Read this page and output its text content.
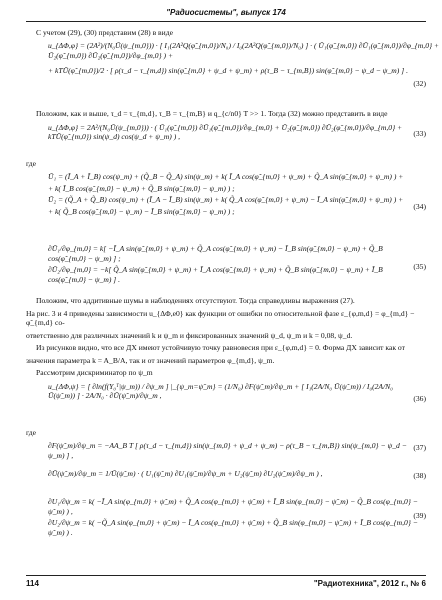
"Радиосистемы", выпуск 174
С учетом (29), (30) представим (28) в виде
u_{ΔΦ,φ} = (2A²)/(N₀Ū(ψ_{m,0})) · [ I₁(2A²Q(φ̃_{m,0})/N₀) / I₀(2A²Q(φ̃_{m,0})/N₀) ] · ( Ū₁(φ̃_{m,0}) ∂Ū₁(φ̃_{m,0})/∂φ_{m,0} + Ū₂(φ̃_{m,0}) ∂Ū₂(φ̃_{m,0})/∂φ_{m,0} ) +
+ kTŪ(φ̃_{m,0})/2 · [ ρ(τ_d − τ_{m,d}) sin(φ̃_{m,0} + ψ_d + ψ_m) + ρ(τ_B − τ_{m,B}) sin(φ̃_{m,0} − ψ_d − ψ_m) ] .
(32)
Положим, как и выше, τ_d = τ_{m,d}, τ_B = τ_{m,B} и q_{c/n0} T >> 1. Тогда (32) можно представить в виде
u_{ΔΦ,φ} = 2A²/(N₀Ū(ψ_{m,0})) · ( Ū₁(φ̃_{m,0}) ∂Ū₁(φ̃_{m,0})/∂φ_{m,0} + Ū₂(φ̃_{m,0}) ∂Ū₂(φ̃_{m,0})/∂φ_{m,0} + kTŪ(φ̃_{m,0}) sin(ψ_d) cos(ψ_d + ψ_m) ) ,	(33)
где
Ū₁ = (Ĩ_A + Ĩ_B) cos(ψ_m) + (Q̃_B − Q̃_A) sin(ψ_m) + k( Ĩ_A cos(φ̃_{m,0} + ψ_m) + Q̃_A sin(φ̃_{m,0} + ψ_m) ) +
+ k( Ĩ_B cos(φ̃_{m,0} − ψ_m) + Q̃_B sin(φ̃_{m,0} − ψ_m) ) ;
Ū₂ = (Q̃_A + Q̃_B) cos(ψ_m) + (Ĩ_A − Ĩ_B) sin(ψ_m) + k( Q̃_A cos(φ̃_{m,0} + ψ_m) − Ĩ_A sin(φ̃_{m,0} + ψ_m) ) +
+ k( Q̃_B cos(φ̃_{m,0} − ψ_m) − Ĩ_B sin(φ̃_{m,0} − ψ_m) ) ;	(34)
∂Ū₁/∂φ_{m,0} = k[ −Ĩ_A sin(φ̃_{m,0} + ψ_m) + Q̃_A cos(φ̃_{m,0} + ψ_m) − Ĩ_B sin(φ̃_{m,0} − ψ_m) + Q̃_B cos(φ̃_{m,0} − ψ_m) ] ;
∂Ū₂/∂φ_{m,0} = −k[ Q̃_A sin(φ̃_{m,0} + ψ_m) + Ĩ_A cos(φ̃_{m,0} + ψ_m) + Q̃_B sin(φ̃_{m,0} − ψ_m) + Ĩ_B cos(φ̃_{m,0} − ψ_m) ] .
(35)
Положим, что аддитивные шумы в наблюдениях отсутствуют. Тогда справедливы выражения (27).
На рис. 3 и 4 приведены зависимости u_{ΔΦ,e0} как функции от ошибки по относительной фазе ε_{φ,m,d} = φ_{m,d} − φ̃_{m,d} со-
ответственно для различных значений k и ψ_m и фиксированных значений ψ_d, ψ_m и k = 0,08, ψ_d.
Из рисунков видно, что все ДХ имеют устойчивую точку равновесия при ε_{φ,m,d} = 0. Форма ДХ зависит как от
значения параметра k = A_B/A, так и от значений параметров φ_{m,d}, ψ_m.
Рассмотрим дискриминатор по ψ_m
u_{ΔΦ,ψ} = [ ∂ln(f(Y₀ᵀ|ψ_m)) / ∂ψ_m ] |_{ψ_m=ψ̃_m} = (1/N₀) ∂F(ψ̃_m)/∂ψ_m + [ I₁(2A/N₀ Ū(ψ̃_m)) / I₀(2A/N₀ Ū(ψ̃_m)) ] · 2A/N₀ · ∂Ū(ψ̃_m)/∂ψ_m ,	(36)
где
∂F(ψ̃_m)/∂ψ_m = −AA_B T [ ρ(τ_d − τ_{m,d}) sin(ψ_{m,0} + ψ_d + ψ_m) − ρ(τ_B − τ_{m,B}) sin(ψ_{m,0} − ψ_d − ψ_m) ] ,
(37)
∂Ū(ψ̃_m)/∂ψ_m = 1/Ū(ψ̃_m) · ( U₁(ψ̃_m) ∂U₁(ψ̃_m)/∂ψ_m + U₂(ψ̃_m) ∂U₂(ψ̃_m)/∂ψ_m ) ,	(38)
∂U₁/∂ψ_m = k( −Ĩ_A sin(φ_{m,0} + ψ̃_m) + Q̃_A cos(φ_{m,0} + ψ̃_m) + Ĩ_B sin(φ_{m,0} − ψ̃_m) − Q̃_B cos(φ_{m,0} − ψ̃_m) ) ,
∂U₂/∂ψ_m = k( −Q̃_A sin(φ_{m,0} + ψ̃_m) − Ĩ_A cos(φ_{m,0} + ψ̃_m) + Q̃_B sin(φ_{m,0} − ψ̃_m) + Ĩ_B cos(φ_{m,0} − ψ̃_m) ) .
(39)
114	"Радиотехника", 2012 г., № 6
